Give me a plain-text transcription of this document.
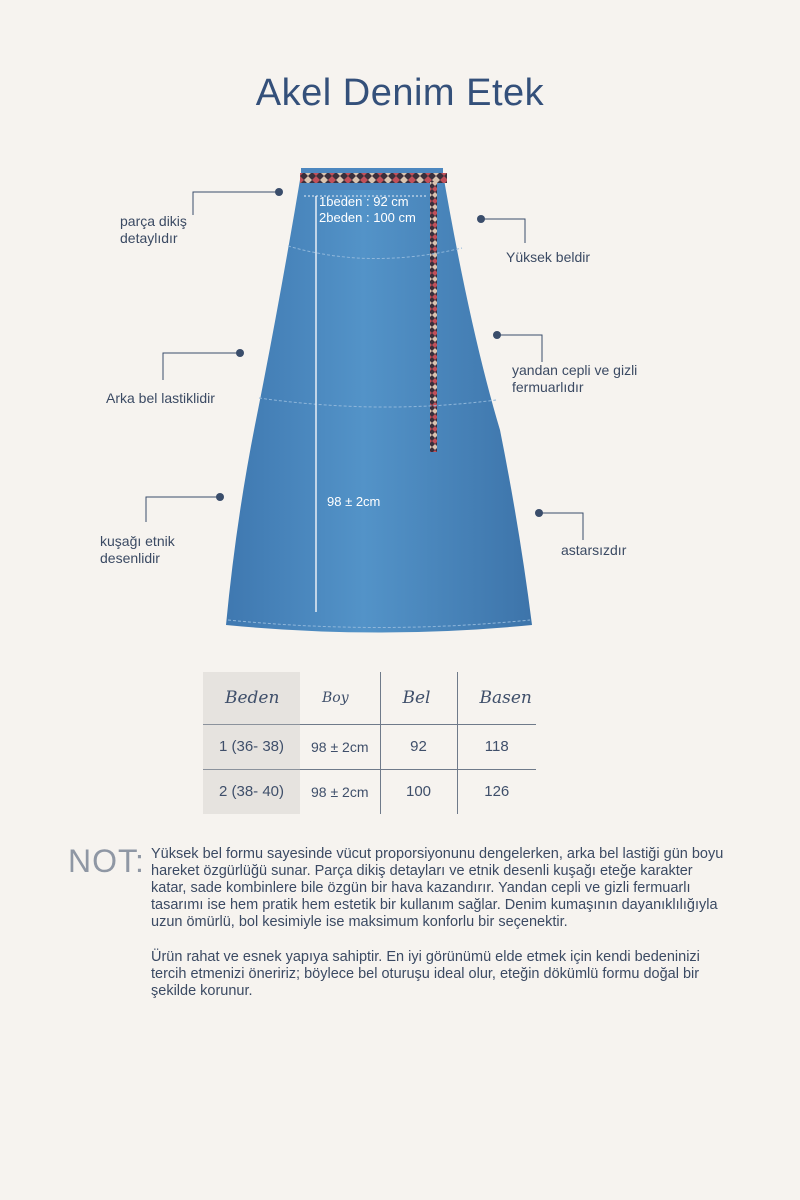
Akel Denim Etek
parça dikiş
detaylıdır
Yüksek beldir
Arka bel lastiklidir
yandan cepli ve gizli
fermuarlıdır
kuşağı etnik
desenlidir	astarsızdır
1beden : 92 cm
2beden : 100 cm
98 ± 2cm
Beden	Boy	Bel	Basen
1 (36- 38)	98 ± 2cm	92	118
2 (38- 40)	98 ± 2cm	100	126
NOT: Yüksek bel formu sayesinde vücut proporsiyonunu dengelerken, arka bel lastiği gün boyu hareket özgürlüğü sunar. Parça dikiş detayları ve etnik desenli kuşağı eteğe karakter katar, sade kombinlere bile özgün bir hava kazandırır. Yandan cepli ve gizli fermuarlı tasarımı ise hem pratik hem estetik bir kullanım sağlar. Denim kumaşının dayanıklılığıyla uzun ömürlü, bol kesimiyle ise maksimum konforlu bir seçenektir.

Ürün rahat ve esnek yapıya sahiptir. En iyi görünümü elde etmek için kendi bedeninizi tercih etmenizi öneririz; böylece bel oturuşu ideal olur, eteğin dökümlü formu doğal bir şekilde korunur.
